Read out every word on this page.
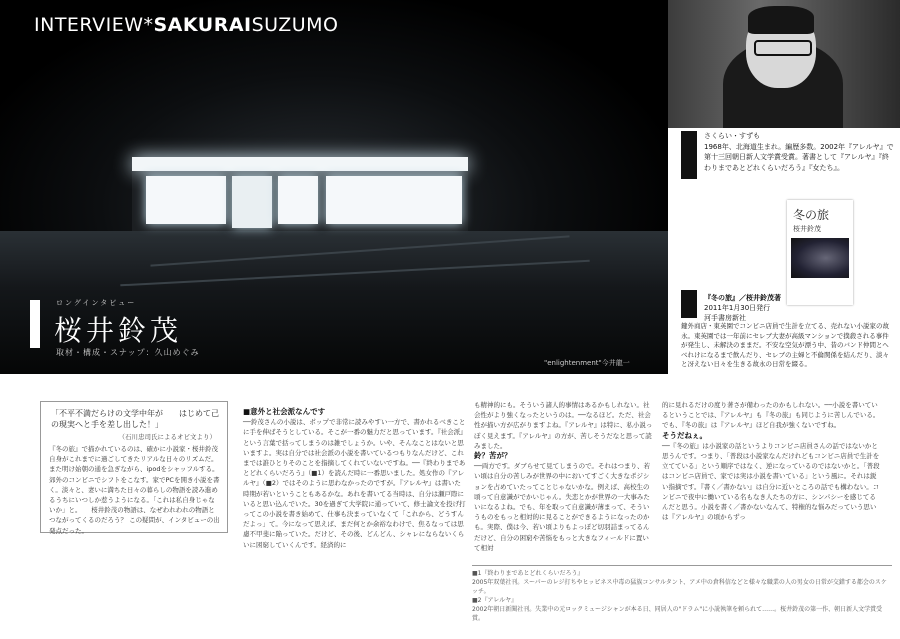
INTERVIEW*SAKURAISUZUMO
ロングインタビュー
桜井鈴茂
取材・構成・スナップ：久山めぐみ
"enlightenment"今井龍一

さくらい・すずも

1968年、北海道生まれ。編歴多数。2002年『アレルヤ』で第十三回朝日新人文学賞受賞。著書として『アレルヤ』『終わりまであとどれくらいだろう』『女たち』。

冬の旅
桜井鈴茂

『冬の旅』／桜井鈴茂著

2011年1月30日発行

河手書房新社

鍵外商店・東英園でコンビニ店員で生計を立てる、売れない小説家の故永。東英園では一年前にセレブ大妻が高級マンションで撲殺される事件が発生し、未解決のままだ。不安な空気が漂う中、昔のバンド仲間とへべれけになるまで飲んだり、セレブの主婦と不倫関係を結んだり、淡々と冴えない日々を生きる故永の日常を綴る。
「不平不満だらけの文学中年が　　はじめて己の現実へと手を差し出した！」
（石川忠司氏によるオビ文より）
『冬の旅』で描かれているのは、確かに小説家・桜井鈴茂自身がこれまでに過ごしてきたリアルな日々のリズムだ。また明け始朝の通を急ぎながら、ipodをシャッフルする。郊外のコンビニでシフトをこなす。家でPCを開き小説を書く。淡々と、妻いに満ちた日々の暮らしの物語を読み進めるうちにいつしか惹うようになる。「これは私自身じゃないか」と。　　桜井鈴茂の物語は、なぜわれわれの物語とつながってくるのだろう？ この疑問が、インタビューの出発点だった。

■意外と社会派なんです

──鈴茂さんの小説は、ポップで非常に読みやすい一方で、書かれるべきことに手を伸ばそうとしている。そこが一番の魅力だと思っています。『社会派』という言葉で括ってしまうのは雑でしょうか。いや、そんなことはないと思いますよ。実は自分では社会派の小説を書いているつもりなんだけど、これまでは誰ひとりそのことを指摘してくれていないですね。──『終わりまであとどれくらいだろう』（■1）を読んだ時に一番思いました。処女作の『アレルヤ』（■2）ではそのように思わなかったのですが。『アレルヤ』は書いた時期が若いということもあるかな。あれを書いてる当時は、自分は瀬戸際にいると思い込んでいた。30を過ぎて大学院に通っていて、修士論文を投げ打ってこの小説を書き始めて、仕事も決まっていなくて「これから、どうすんだよっ」て。今になって思えば、まだ何とか余裕なわけで、焦るなっては思慮不甲斐に陥っていた。だけど、その後、どんどん、シャレにならないくらいに困窮していくんです。経済的に

も精神的にも。そういう諸人的事情はあるかもしれない。社会性がより強くなったというのは。──なるほど。ただ、社会性が描い方が広がりますよね。『アレルヤ』は特に、私小説っぽく見えます。『アレルヤ』の方が、苦しそうだなと思って読みました。

鈴？苦が？

──両方です。ダブらせて見てしまうので。それはつまり、若い頃は自分の苦しみが世界の中においてすごく大きなポジションを占めていたってことじゃないかな。例えば、高校生の頃って自意識がでかいじゃん。失恋とかが世界の一大事みたいになるよね。でも、年を取って自意識が薄まって、そういうものをもっと相対的に見ることができるようになったのかも。実際、僕は今、若い頃よりもよっぽど切羽詰まってるんだけど、自分の困窮や苦悩をもっと大きなフィールドに置いて相対

的に見れるだけの度り著さが備わったのかもしれない。──小説を書いているということでは、『アレルヤ』も『冬の旅』も同じように苦しんでいる。でも、『冬の旅』は『アレルヤ』ほど自我が強くないですね。

そうだねぇ。

──『冬の旅』は小説家の話というよりコンビニ店員さんの話ではないかと思うんです。つまり、「普段は小説家なんだけれどもコンビニ店員で生計を立てている」という順序ではなく、逆になっているのではないかと。「普段はコンビニ店員で、家では実は小説を書いている」という風に。それは鋭い指摘です。『書く／書かない』は自分に近いところの話でも構わない。コンビニで夜中に働いている名もなき人たちの方に、シンパシーを感じてるんだと思う。小説を書く／書かないなんて、特権的な悩みだっていう思いは『アレルヤ』の頃からずっ

■1『終わりまであとどれくらいだろう』

2005年双葉社刊。スーパーのレジ打ちやヒッピネス中毒の猛族コンサルタント、アメ中の倉科信などと様々な職業の人の男女の日常が交錯する都会のスケッチ。

■2『アレルヤ』

2002年朝日新聞社刊。失業中の元ロックミュージシャンが本る日、同居人の"ドラム"に小説執筆を頼られて……。桜井鈴茂の第一作、朝日新人文学賞受賞。
